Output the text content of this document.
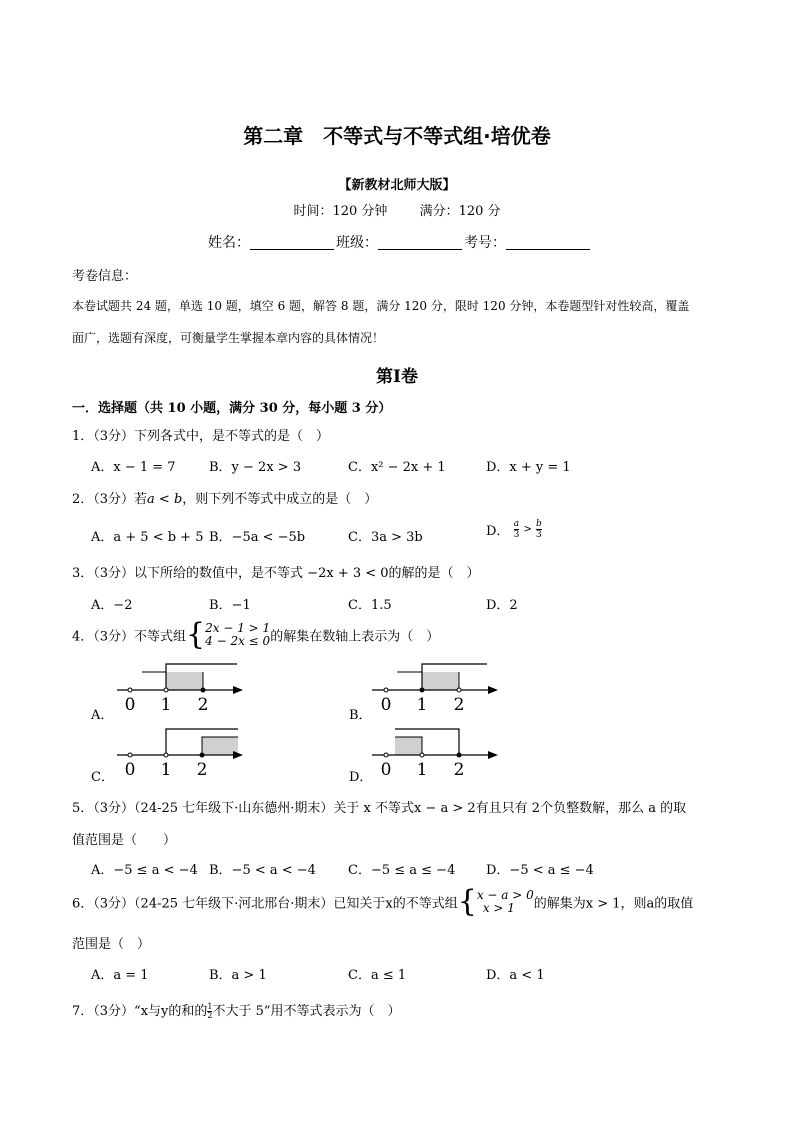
第二章　不等式与不等式组·培优卷
【新教材北师大版】
时间：120 分钟 满分：120 分
姓名：	班级：	考号：
考卷信息：
本卷试题共 24 题，单选 10 题，填空 6 题，解答 8 题，满分 120 分，限时 120 分钟，本卷题型针对性较高，覆盖
面广，选题有深度，可衡量学生掌握本章内容的具体情况！
第Ⅰ卷
一．选择题（共 10 小题，满分 30 分，每小题 3 分）
1．（3分）下列各式中，是不等式的是（　）
A．x − 1 = 7	B．y − 2x > 3	C．x² − 2x + 1	D．x + y = 1
2．（3分）若a < b，则下列不等式中成立的是（　）
A．a + 5 < b + 5 B．−5a < −5b	C．3a > 3b	D． $\frac{a}{3} > \frac{b}{3}$
3．（3分）以下所给的数值中，是不等式 −2x + 3 < 0的解的是（　）
A．−2	B．−1	C．1.5	D．2
4．（3分）不等式组{2x − 1 > 1
4 − 2x ≤ 0的解集在数轴上表示为（　）
0 1 2
A．
0 1 2
B．
0 1 2
C．	0 1 2
D．
5．（3分）（24-25 七年级下·山东德州·期末）关于 x 不等式x − a > 2有且只有 2个负整数解，那么 a 的取
值范围是（　　）
A．−5 ≤ a < −4 B．−5 < a < −4 C．−5 ≤ a ≤ −4 D．−5 < a ≤ −4
6．（3分）（24-25 七年级下·河北邢台·期末）已知关于x的不等式组{x − a > 0
x > 1 的解集为x > 1，则a的取值
范围是（　）
A．a = 1	B．a > 1	C．a ≤ 1	D．a < 1
7．（3分）“x与y的和的$\frac{1}{2}$ 不大于 5”用不等式表示为（　）
